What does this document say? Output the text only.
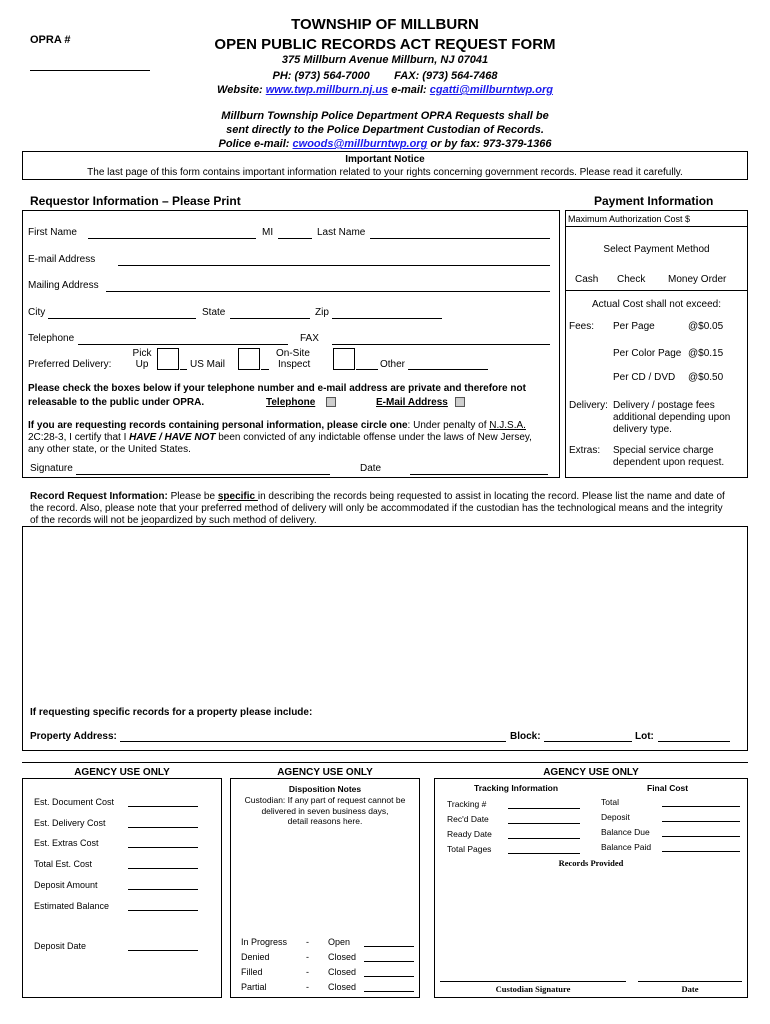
OPRA #
TOWNSHIP OF MILLBURN
OPEN PUBLIC RECORDS ACT REQUEST FORM
375 Millburn Avenue Millburn, NJ 07041
PH: (973) 564-7000 FAX: (973) 564-7468
Website: www.twp.millburn.nj.us e-mail: cgatti@millburntwp.org
Millburn Township Police Department OPRA Requests shall be
sent directly to the Police Department Custodian of Records.
Police e-mail: cwoods@millburntwp.org or by fax: 973-379-1366
Important Notice
The last page of this form contains important information related to your rights concerning government records. Please read it carefully.
Requestor Information – Please Print	Payment Information
First Name	MI	Last Name
E-mail Address
Mailing Address
City	State	Zip
Telephone	FAX
Preferred Delivery:
Pick
Up	US Mail
On-Site
Inspect	Other
Please check the boxes below if your telephone number and e-mail address are private and therefore not
releasable to the public under OPRA.	Telephone	E-Mail Address
If you are requesting records containing personal information, please circle one: Under penalty of N.J.S.A.
2C:28-3, I certify that I HAVE / HAVE NOT been convicted of any indictable offense under the laws of New Jersey,
any other state, or the United States.
Signature	Date
Maximum Authorization Cost $
Select Payment Method
Cash Check Money Order
Actual Cost shall not exceed:
Fees: Per Page	@$0.05
Per Color Page @$0.15
Per CD / DVD @$0.50
Delivery: Delivery / postage fees
additional depending upon
delivery type.
Extras: Special service charge
dependent upon request.
Record Request Information: Please be specific in describing the records being requested to assist in locating the record. Please list the name and date of
the record. Also, please note that your preferred method of delivery will only be accommodated if the custodian has the technological means and the integrity
of the records will not be jeopardized by such method of delivery.
If requesting specific records for a property please include:
Property Address:	Block:	Lot:
AGENCY USE ONLY
Est. Document Cost
Est. Delivery Cost
Est. Extras Cost
Total Est. Cost
Deposit Amount
Estimated Balance
Deposit Date
AGENCY USE ONLY
Disposition Notes
Custodian: If any part of request cannot be
delivered in seven business days,
detail reasons here.
In Progress - Open
Denied	- Closed
Filled	- Closed
Partial	- Closed
AGENCY USE ONLY
Tracking Information	Final Cost
Tracking #
Rec'd Date
Ready Date
Total Pages
Total
Deposit
Balance Due
Balance Paid
Records Provided
Custodian Signature	Date
